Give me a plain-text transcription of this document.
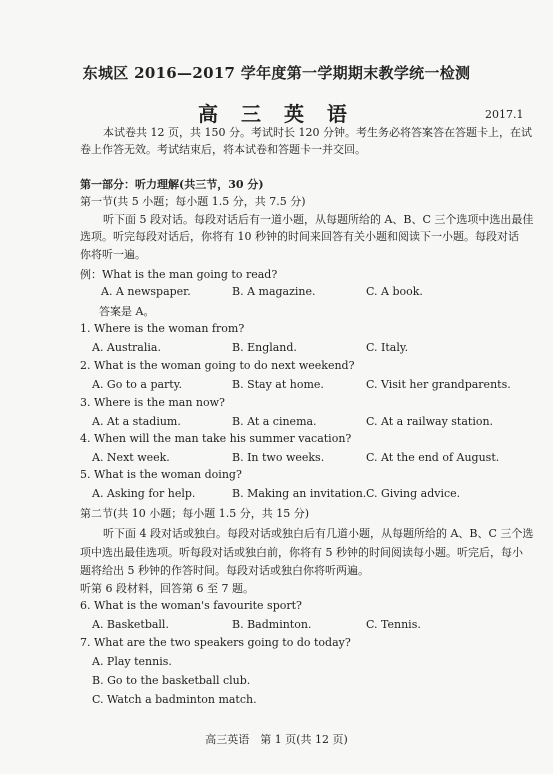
东城区 2016—2017 学年度第一学期期末教学统一检测
高 三 英 语	2017.1
本试卷共 12 页，共 150 分。考试时长 120 分钟。考生务必将答案答在答题卡上，在试
卷上作答无效。考试结束后，将本试卷和答题卡一并交回。
第一部分：听力理解(共三节，30 分)
第一节(共 5 小题；每小题 1.5 分，共 7.5 分)
听下面 5 段对话。每段对话后有一道小题，从每题所给的 A、B、C 三个选项中选出最佳
选项。听完每段对话后，你将有 10 秒钟的时间来回答有关小题和阅读下一小题。每段对话
你将听一遍。
例：What is the man going to read?
A. A newspaper.	B. A magazine.	C. A book.
答案是 A。
1. Where is the woman from?
A. Australia.	B. England.	C. Italy.
2. What is the woman going to do next weekend?
A. Go to a party.	B. Stay at home.	C. Visit her grandparents.
3. Where is the man now?
A. At a stadium.	B. At a cinema.	C. At a railway station.
4. When will the man take his summer vacation?
A. Next week.	B. In two weeks.	C. At the end of August.
5. What is the woman doing?
A. Asking for help.	B. Making an invitation. C. Giving advice.
第二节(共 10 小题；每小题 1.5 分，共 15 分)
听下面 4 段对话或独白。每段对话或独白后有几道小题，从每题所给的 A、B、C 三个选
项中选出最佳选项。听每段对话或独白前，你将有 5 秒钟的时间阅读每小题。听完后，每小
题将给出 5 秒钟的作答时间。每段对话或独白你将听两遍。
听第 6 段材料，回答第 6 至 7 题。
6. What is the woman's favourite sport?
A. Basketball.	B. Badminton.	C. Tennis.
7. What are the two speakers going to do today?
A. Play tennis.
B. Go to the basketball club.
C. Watch a badminton match.
高三英语　第 1 页(共 12 页)
